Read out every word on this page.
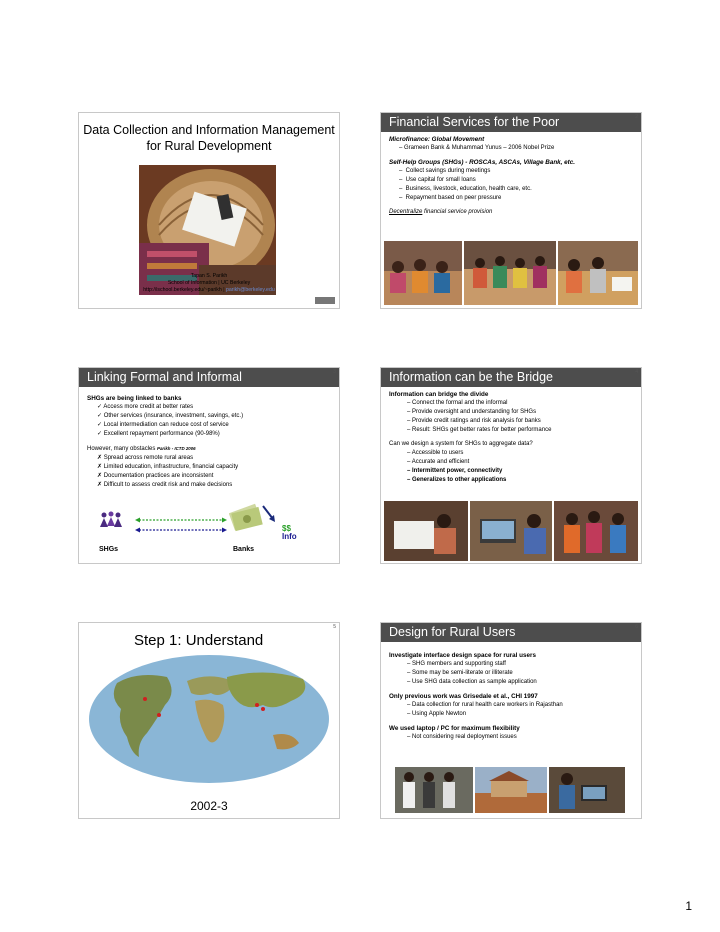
Data Collection and Information Management for Rural Development
Tapan S. Parikh
School of Information | UC Berkeley
http://ischool.berkeley.edu/~parikh | parikh@berkeley.edu
Financial Services for the Poor	2
Microfinance: Global Movement
– Grameen Bank & Muhammad Yunus – 2006 Nobel Prize
Self-Help Groups (SHGs) - ROSCAs, ASCAs, Village Bank, etc.
–  Collect savings during meetings
–  Use capital for small loans
–  Business, livestock, education, health care, etc.
–  Repayment based on peer pressure
Decentralize financial service provision
Linking Formal and Informal	3
SHGs are being linked to banks
✓ Access more credit at better rates
✓ Other services (insurance, investment, savings, etc.)
✓ Local intermediation can reduce cost of service
✓ Excellent repayment performance (90-98%)
However, many obstacles Parikh - ICTD 2006
✗ Spread across remote rural areas
✗ Limited education, infrastructure, financial capacity
✗ Documentation practices are inconsistent
✗ Difficult to assess credit risk and make decisions
$$
Info
SHGs	Banks
Information can be the Bridge	4
Information can bridge the divide
– Connect the formal and the informal
– Provide oversight and understanding for SHGs
– Provide credit ratings and risk analysis for banks
– Result: SHGs get better rates for better performance
Can we design a system for SHGs to aggregate data?
– Accessible to users
– Accurate and efficient
– Intermittent power, connectivity
– Generalizes to other applications
5
Step 1: Understand
2002-3
Design for Rural Users	6
Investigate interface design space for rural users
– SHG members and supporting staff
– Some may be semi-literate or illiterate
– Use SHG data collection as sample application
Only previous work was Grisedale et al., CHI 1997
– Data collection for rural health care workers in Rajasthan
– Using Apple Newton
We used laptop / PC for maximum flexibility
– Not considering real deployment issues
1
